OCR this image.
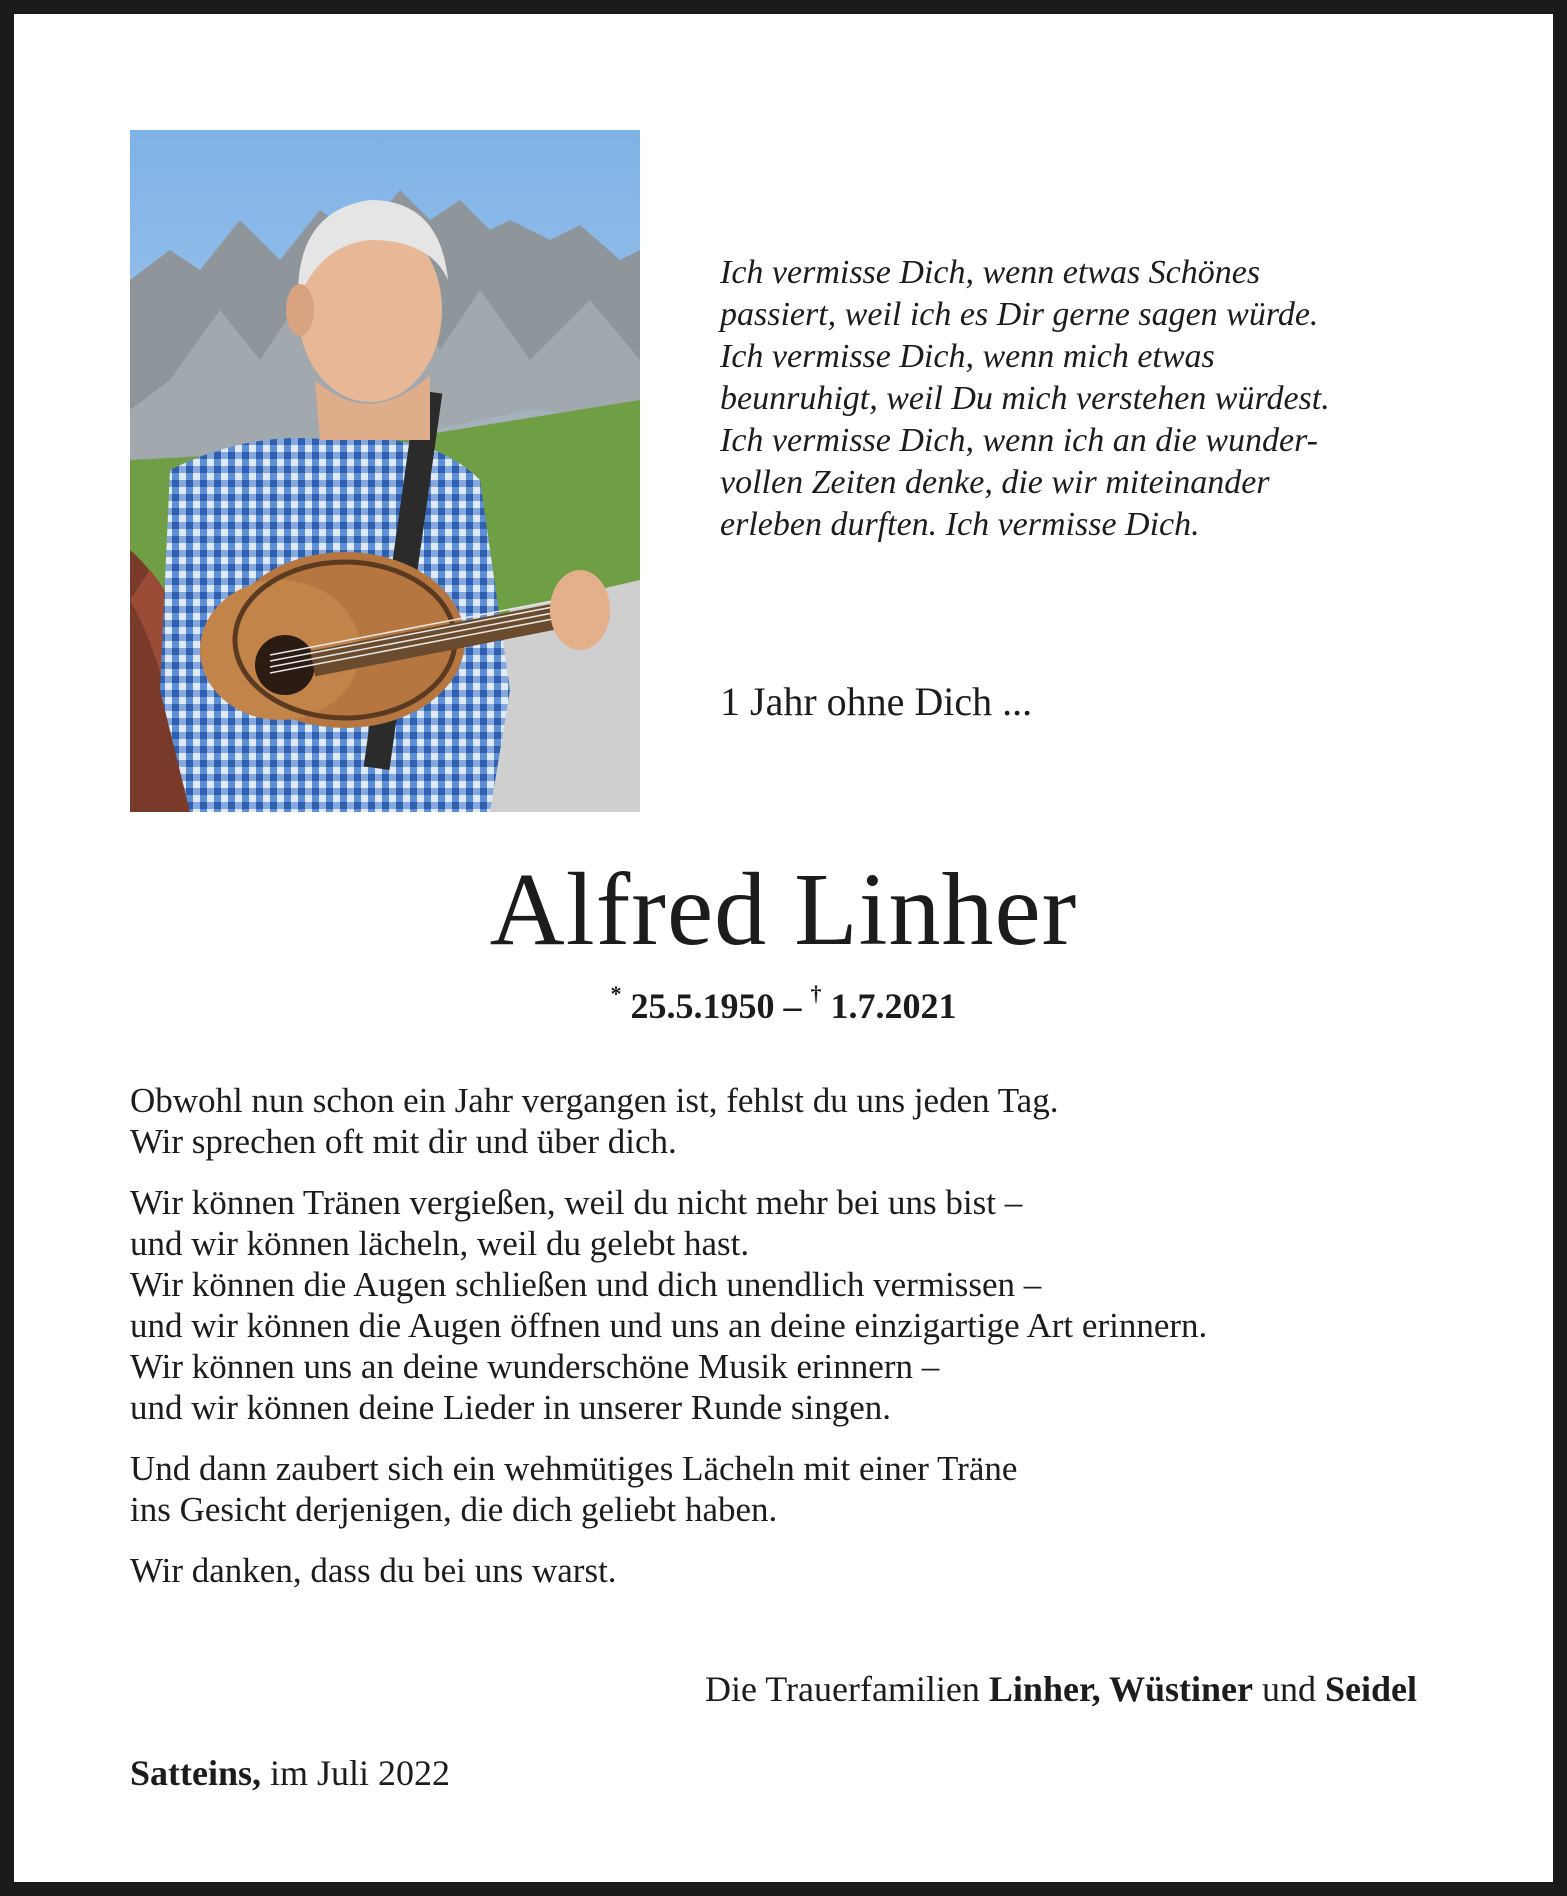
Ich vermisse Dich, wenn etwas Schönes
passiert, weil ich es Dir gerne sagen würde.
Ich vermisse Dich, wenn mich etwas
beunruhigt, weil Du mich verstehen würdest.
Ich vermisse Dich, wenn ich an die wunder-
vollen Zeiten denke, die wir miteinander
erleben durften. Ich vermisse Dich.
1 Jahr ohne Dich ...
Alfred Linher
* 25.5.1950 – † 1.7.2021
Obwohl nun schon ein Jahr vergangen ist, fehlst du uns jeden Tag.
Wir sprechen oft mit dir und über dich.
Wir können Tränen vergießen, weil du nicht mehr bei uns bist –
und wir können lächeln, weil du gelebt hast.
Wir können die Augen schließen und dich unendlich vermissen –
und wir können die Augen öffnen und uns an deine einzigartige Art erinnern.
Wir können uns an deine wunderschöne Musik erinnern –
und wir können deine Lieder in unserer Runde singen.
Und dann zaubert sich ein wehmütiges Lächeln mit einer Träne
ins Gesicht derjenigen, die dich geliebt haben.
Wir danken, dass du bei uns warst.
Die Trauerfamilien Linher, Wüstiner und Seidel
Satteins, im Juli 2022
